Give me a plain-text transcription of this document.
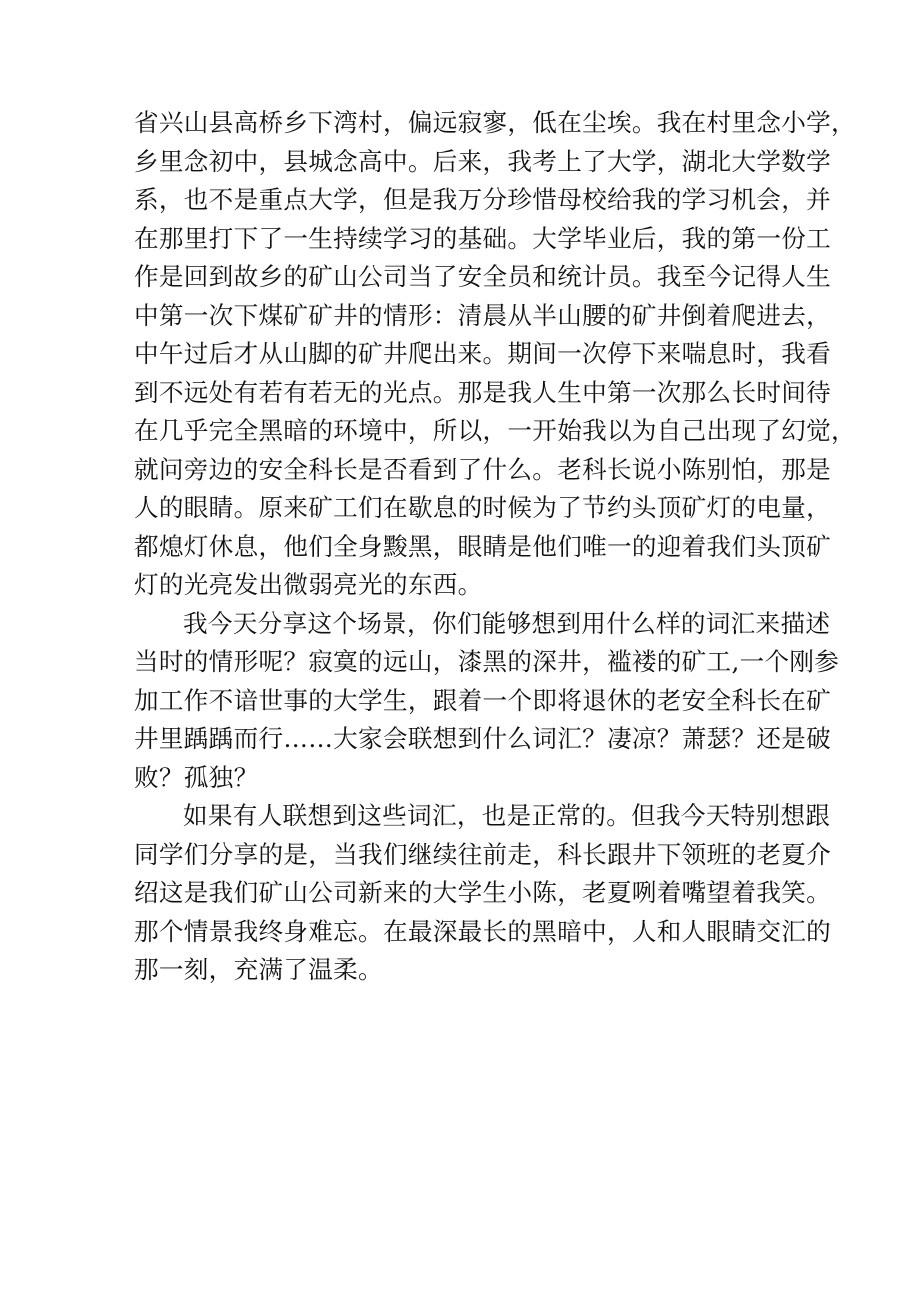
省兴山县高桥乡下湾村，偏远寂寥，低在尘埃。我在村里念小学，
乡里念初中，县城念高中。后来，我考上了大学，湖北大学数学
系，也不是重点大学，但是我万分珍惜母校给我的学习机会，并
在那里打下了一生持续学习的基础。大学毕业后，我的第一份工
作是回到故乡的矿山公司当了安全员和统计员。我至今记得人生
中第一次下煤矿矿井的情形：清晨从半山腰的矿井倒着爬进去，
中午过后才从山脚的矿井爬出来。期间一次停下来喘息时，我看
到不远处有若有若无的光点。那是我人生中第一次那么长时间待
在几乎完全黑暗的环境中，所以，一开始我以为自己出现了幻觉，
就问旁边的安全科长是否看到了什么。老科长说小陈别怕，那是
人的眼睛。原来矿工们在歇息的时候为了节约头顶矿灯的电量，
都熄灯休息，他们全身黢黑，眼睛是他们唯一的迎着我们头顶矿
灯的光亮发出微弱亮光的东西。
我今天分享这个场景，你们能够想到用什么样的词汇来描述
当时的情形呢？寂寞的远山，漆黑的深井，褴褛的矿工,一个刚参
加工作不谙世事的大学生，跟着一个即将退休的老安全科长在矿
井里踽踽而行……大家会联想到什么词汇？凄凉？萧瑟？还是破
败？孤独？
如果有人联想到这些词汇，也是正常的。但我今天特别想跟
同学们分享的是，当我们继续往前走，科长跟井下领班的老夏介
绍这是我们矿山公司新来的大学生小陈，老夏咧着嘴望着我笑。
那个情景我终身难忘。在最深最长的黑暗中，人和人眼睛交汇的
那一刻，充满了温柔。
